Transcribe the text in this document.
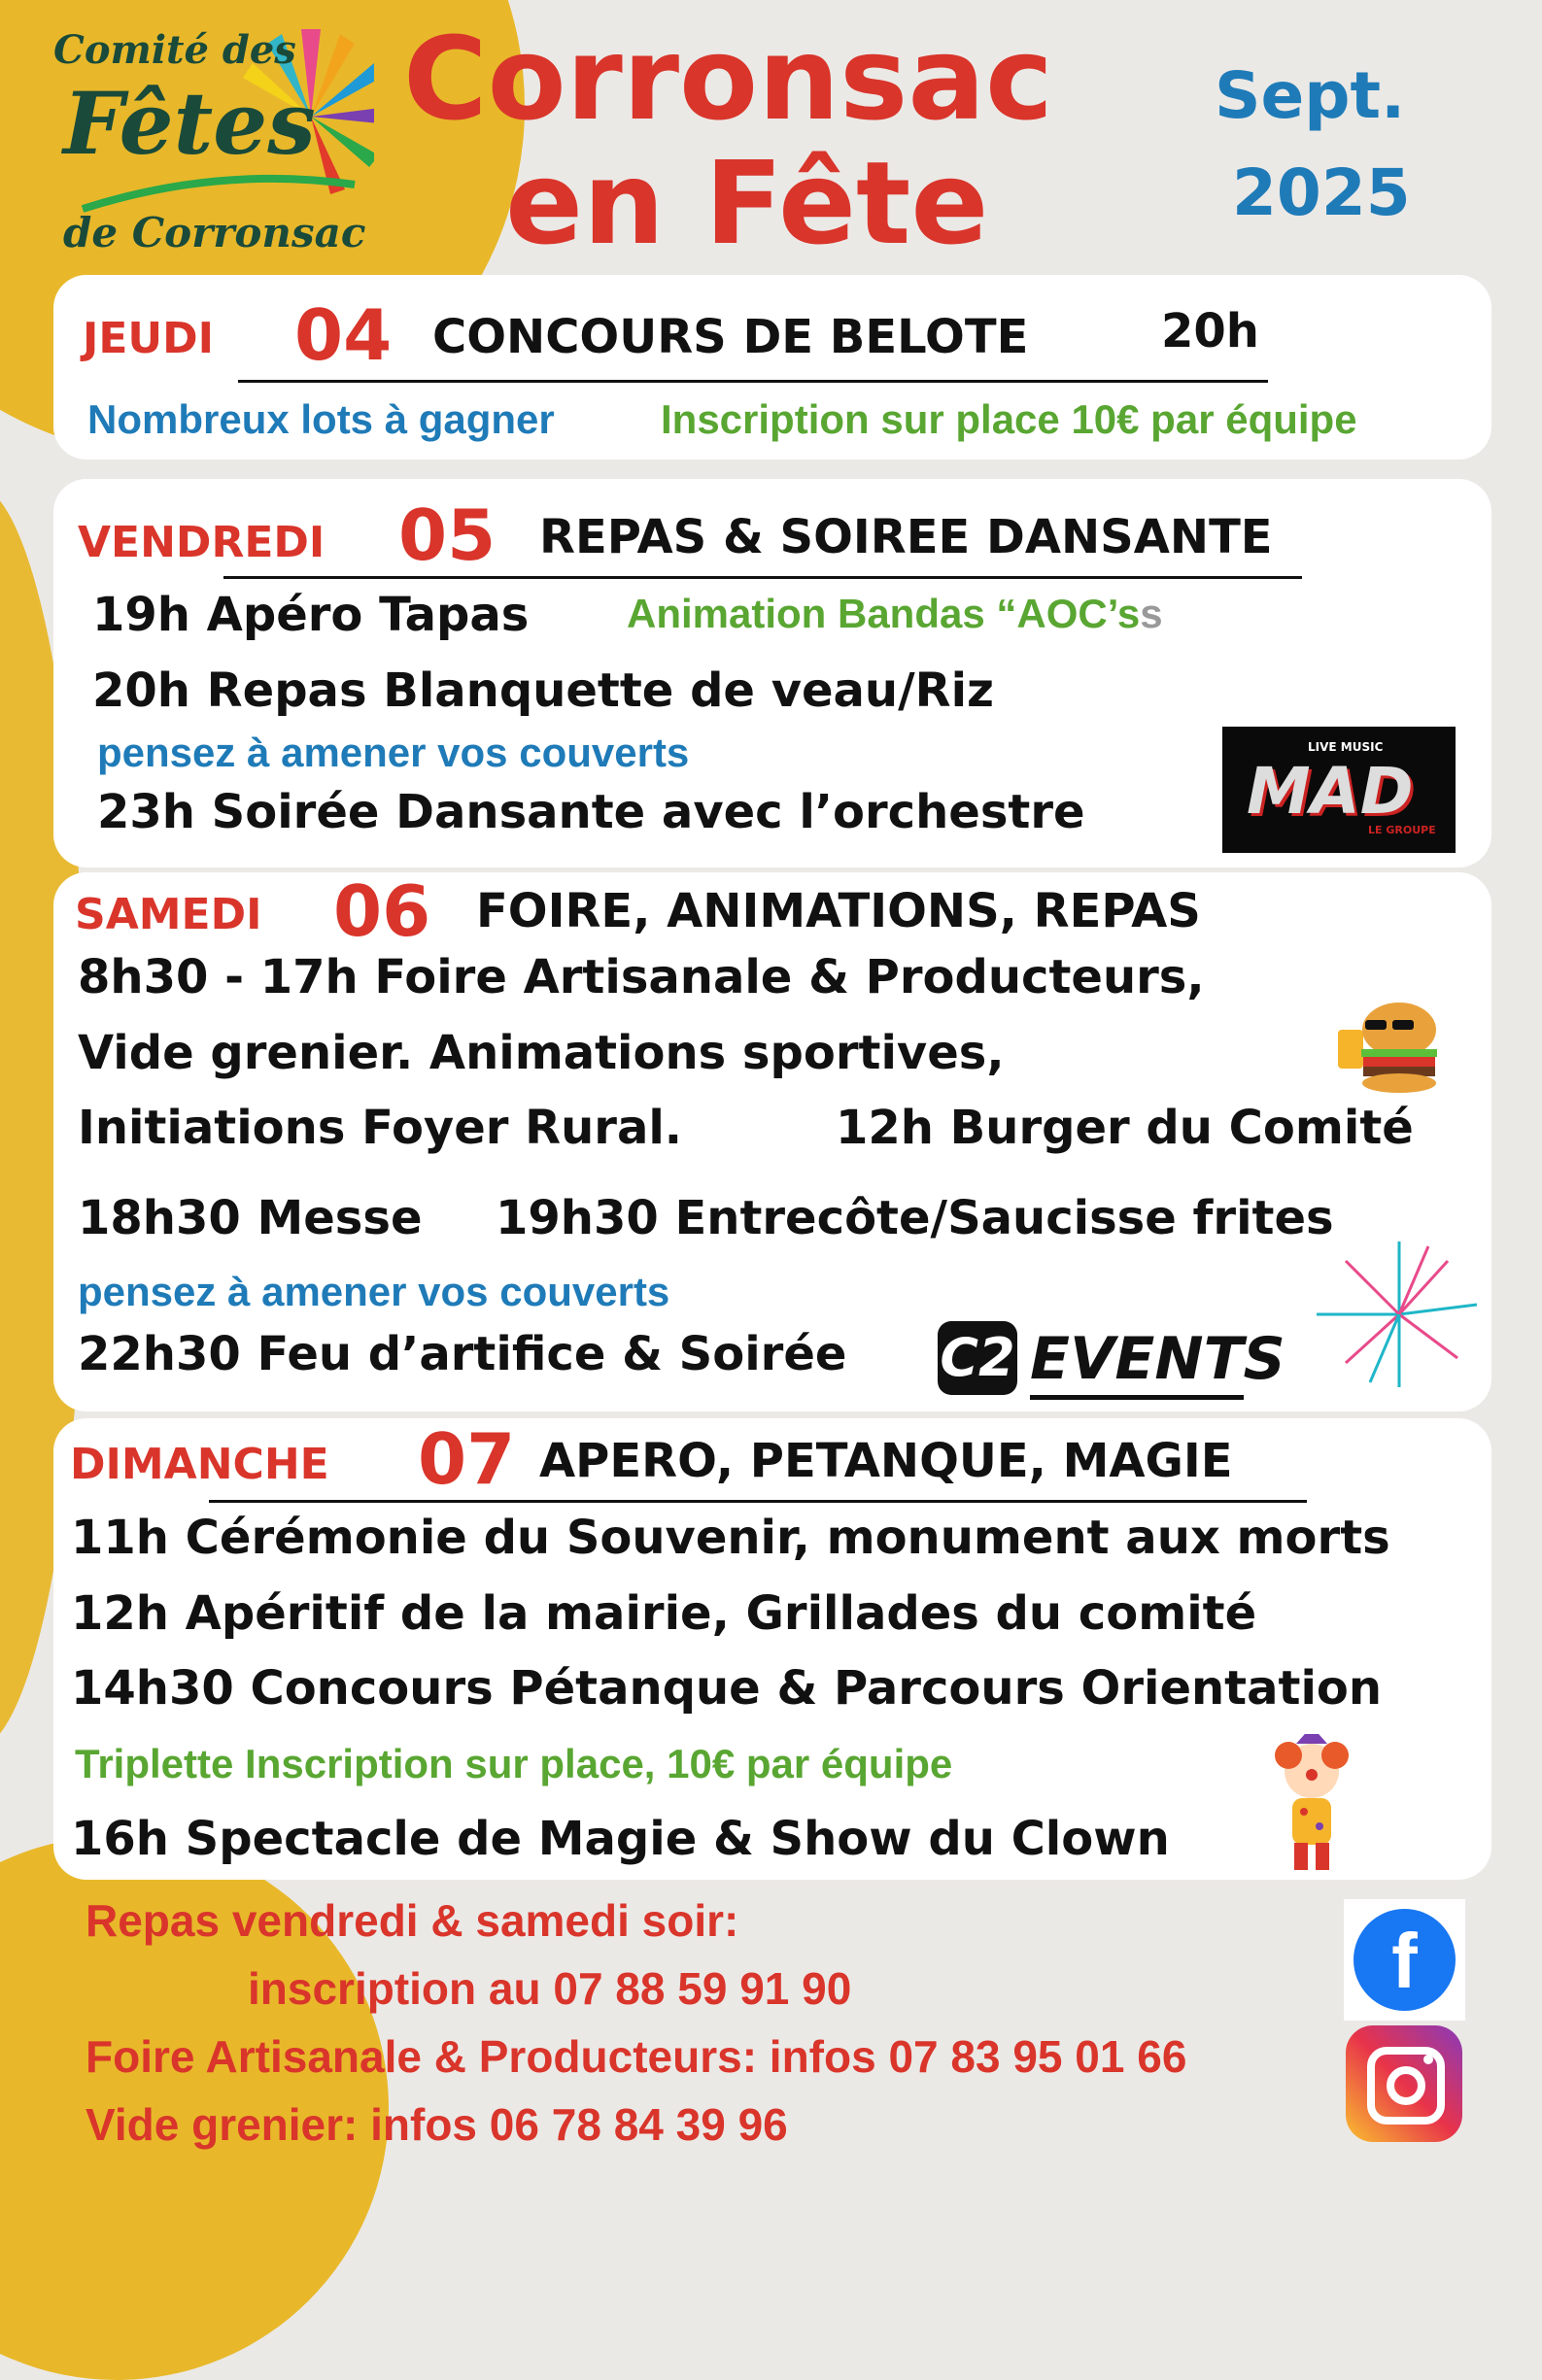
Comité des
Fêtes
de Corronsac
Corronsac
en Fête
Sept.
2025
JEUDI 04 CONCOURS DE BELOTE	20h
Nombreux lots à gagner	Inscription sur place 10€ par équipe
VENDREDI 05 REPAS & SOIREE DANSANTE
19h Apéro Tapas Animation Bandas “AOC’ss
20h Repas Blanquette de veau/Riz
pensez à amener vos couverts
23h Soirée Dansante avec l’orchestre
LIVE MUSIC
MAD
LE GROUPE
SAMEDI 06 FOIRE, ANIMATIONS, REPAS
8h30 - 17h Foire Artisanale & Producteurs,
Vide grenier. Animations sportives,
Initiations Foyer Rural.	12h Burger du Comité
18h30 Messe 19h30 Entrecôte/Saucisse frites
pensez à amener vos couverts
22h30 Feu d’artifice & Soirée C2 EVENTS
DIMANCHE 07 APERO, PETANQUE, MAGIE
11h Cérémonie du Souvenir, monument aux morts
12h Apéritif de la mairie, Grillades du comité
14h30 Concours Pétanque & Parcours Orientation
Triplette Inscription sur place, 10€ par équipe
16h Spectacle de Magie & Show du Clown
Repas vendredi & samedi soir:
inscription au 07 88 59 91 90
Foire Artisanale & Producteurs: infos 07 83 95 01 66
Vide grenier: infos 06 78 84 39 96
f
